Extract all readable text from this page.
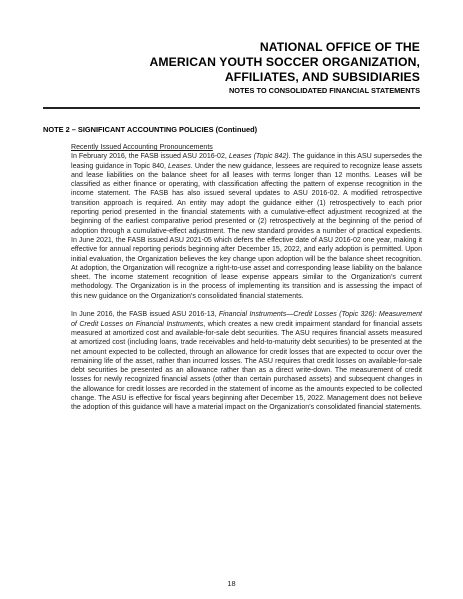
NATIONAL OFFICE OF THE
AMERICAN YOUTH SOCCER ORGANIZATION,
AFFILIATES, AND SUBSIDIARIES
NOTES TO CONSOLIDATED FINANCIAL STATEMENTS
NOTE 2 – SIGNIFICANT ACCOUNTING POLICIES (Continued)

Recently Issued Accounting Pronouncements

In February 2016, the FASB issued ASU 2016-02, Leases (Topic 842). The guidance in this ASU supersedes the leasing guidance in Topic 840, Leases. Under the new guidance, lessees are required to recognize lease assets and lease liabilities on the balance sheet for all leases with terms longer than 12 months. Leases will be classified as either finance or operating, with classification affecting the pattern of expense recognition in the income statement. The FASB has also issued several updates to ASU 2016-02. A modified retrospective transition approach is required. An entity may adopt the guidance either (1) retrospectively to each prior reporting period presented in the financial statements with a cumulative-effect adjustment recognized at the beginning of the earliest comparative period presented or (2) retrospectively at the beginning of the period of adoption through a cumulative-effect adjustment. The new standard provides a number of practical expedients. In June 2021, the FASB issued ASU 2021-05 which defers the effective date of ASU 2016-02 one year, making it effective for annual reporting periods beginning after December 15, 2022, and early adoption is permitted. Upon initial evaluation, the Organization believes the key change upon adoption will be the balance sheet recognition. At adoption, the Organization will recognize a right-to-use asset and corresponding lease liability on the balance sheet. The income statement recognition of lease expense appears similar to the Organization’s current methodology. The Organization is in the process of implementing its transition and is assessing the impact of this new guidance on the Organization’s consolidated financial statements.

In June 2016, the FASB issued ASU 2016-13, Financial Instruments—Credit Losses (Topic 326): Measurement of Credit Losses on Financial Instruments, which creates a new credit impairment standard for financial assets measured at amortized cost and available-for-sale debt securities. The ASU requires financial assets measured at amortized cost (including loans, trade receivables and held-to-maturity debt securities) to be presented at the net amount expected to be collected, through an allowance for credit losses that are expected to occur over the remaining life of the asset, rather than incurred losses. The ASU requires that credit losses on available-for-sale debt securities be presented as an allowance rather than as a direct write-down. The measurement of credit losses for newly recognized financial assets (other than certain purchased assets) and subsequent changes in the allowance for credit losses are recorded in the statement of income as the amounts expected to be collected change. The ASU is effective for fiscal years beginning after December 15, 2022. Management does not believe the adoption of this guidance will have a material impact on the Organization’s consolidated financial statements.

18
